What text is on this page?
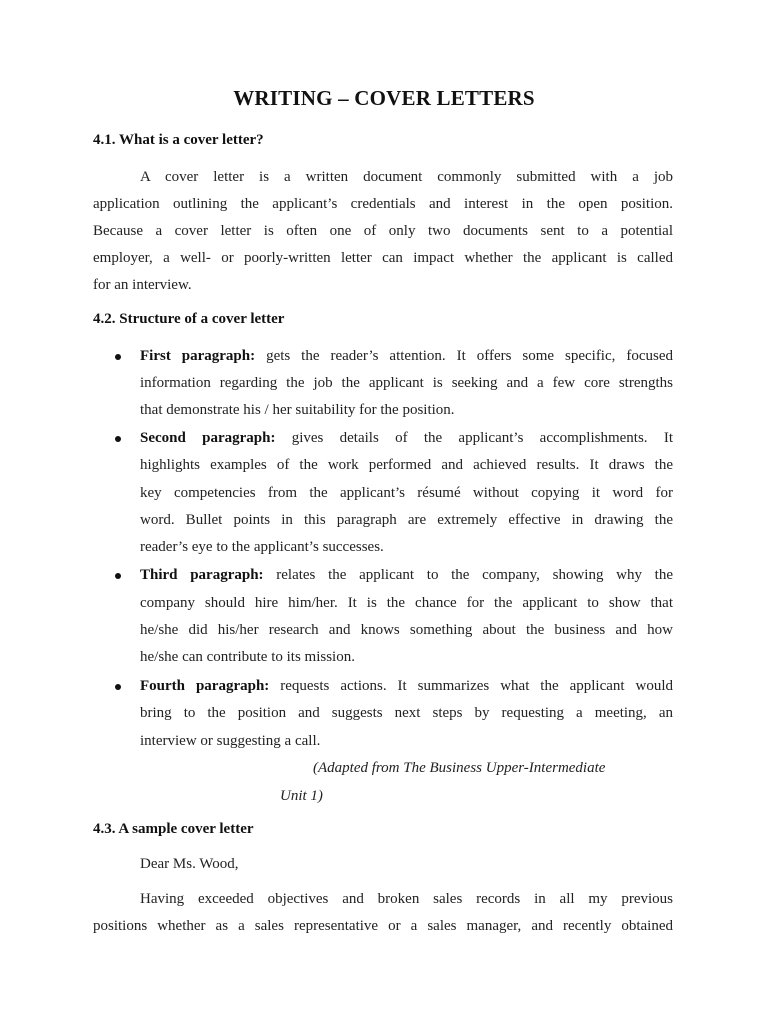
WRITING – COVER LETTERS
4.1. What is a cover letter?
A cover letter is a written document commonly submitted with a job
application outlining the applicant’s credentials and interest in the open position.
Because a cover letter is often one of only two documents sent to a potential
employer, a well- or poorly-written letter can impact whether the applicant is called
for an interview.
4.2. Structure of a cover letter
First paragraph: gets the reader’s attention. It offers some specific, focused
information regarding the job the applicant is seeking and a few core strengths
that demonstrate his / her suitability for the position.
Second paragraph: gives details of the applicant’s accomplishments. It
highlights examples of the work performed and achieved results. It draws the
key competencies from the applicant’s résumé without copying it word for
word. Bullet points in this paragraph are extremely effective in drawing the
reader’s eye to the applicant’s successes.
Third paragraph: relates the applicant to the company, showing why the
company should hire him/her. It is the chance for the applicant to show that
he/she did his/her research and knows something about the business and how
he/she can contribute to its mission.
Fourth paragraph: requests actions. It summarizes what the applicant would
bring to the position and suggests next steps by requesting a meeting, an
interview or suggesting a call.
(Adapted from The Business Upper-Intermediate
Unit 1)
4.3. A sample cover letter
Dear Ms. Wood,
Having exceeded objectives and broken sales records in all my previous
positions whether as a sales representative or a sales manager, and recently obtained
